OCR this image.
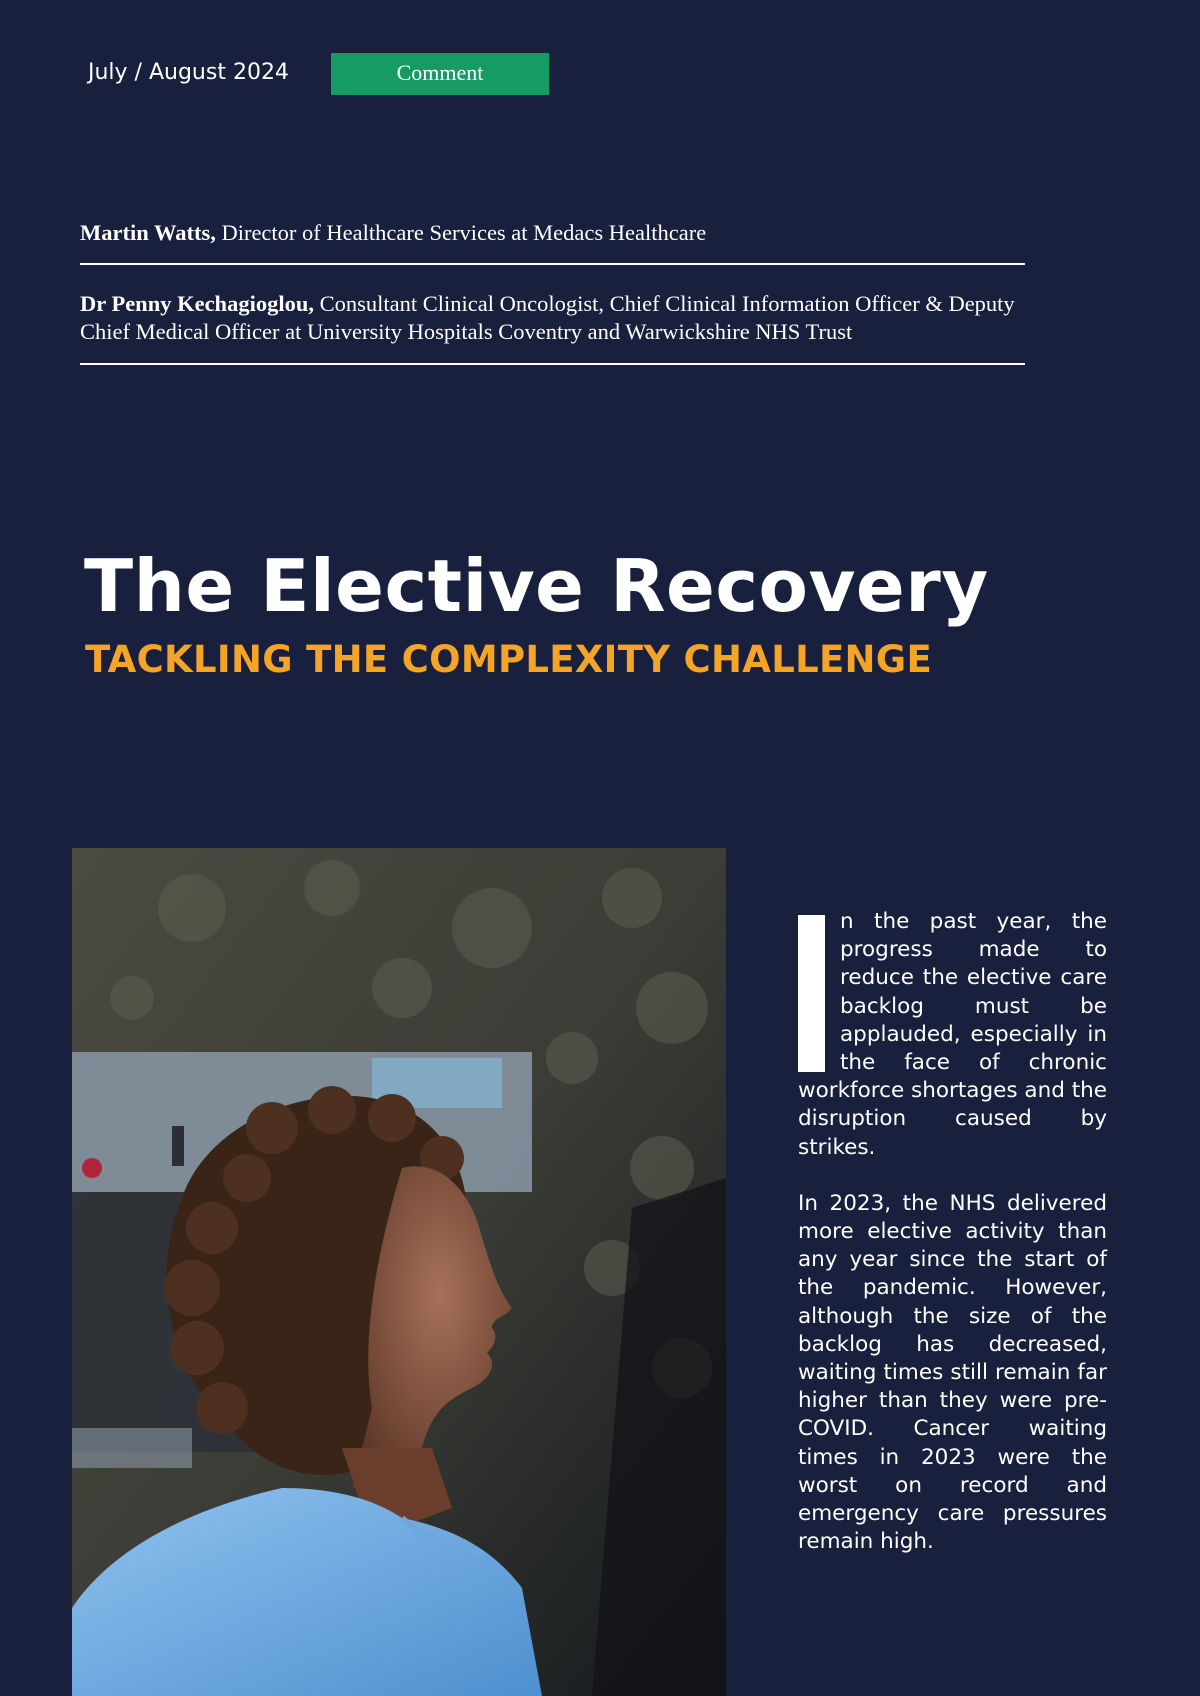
July / August 2024	Comment
Martin Watts, Director of Healthcare Services at Medacs Healthcare
Dr Penny Kechagioglou, Consultant Clinical Oncologist, Chief Clinical Information Officer & Deputy Chief Medical Officer at University Hospitals Coventry and Warwickshire NHS Trust
The Elective Recovery
TACKLING THE COMPLEXITY CHALLENGE

n the past year, the progress made to reduce the elective care backlog must be applauded, especially in the face of chronic workforce shortages and the disruption caused by strikes.

In 2023, the NHS delivered more elective activity than any year since the start of the pandemic. However, although the size of the backlog has decreased, waiting times still remain far higher than they were pre-COVID. Cancer waiting times in 2023 were the worst on record and emergency care pressures remain high.
